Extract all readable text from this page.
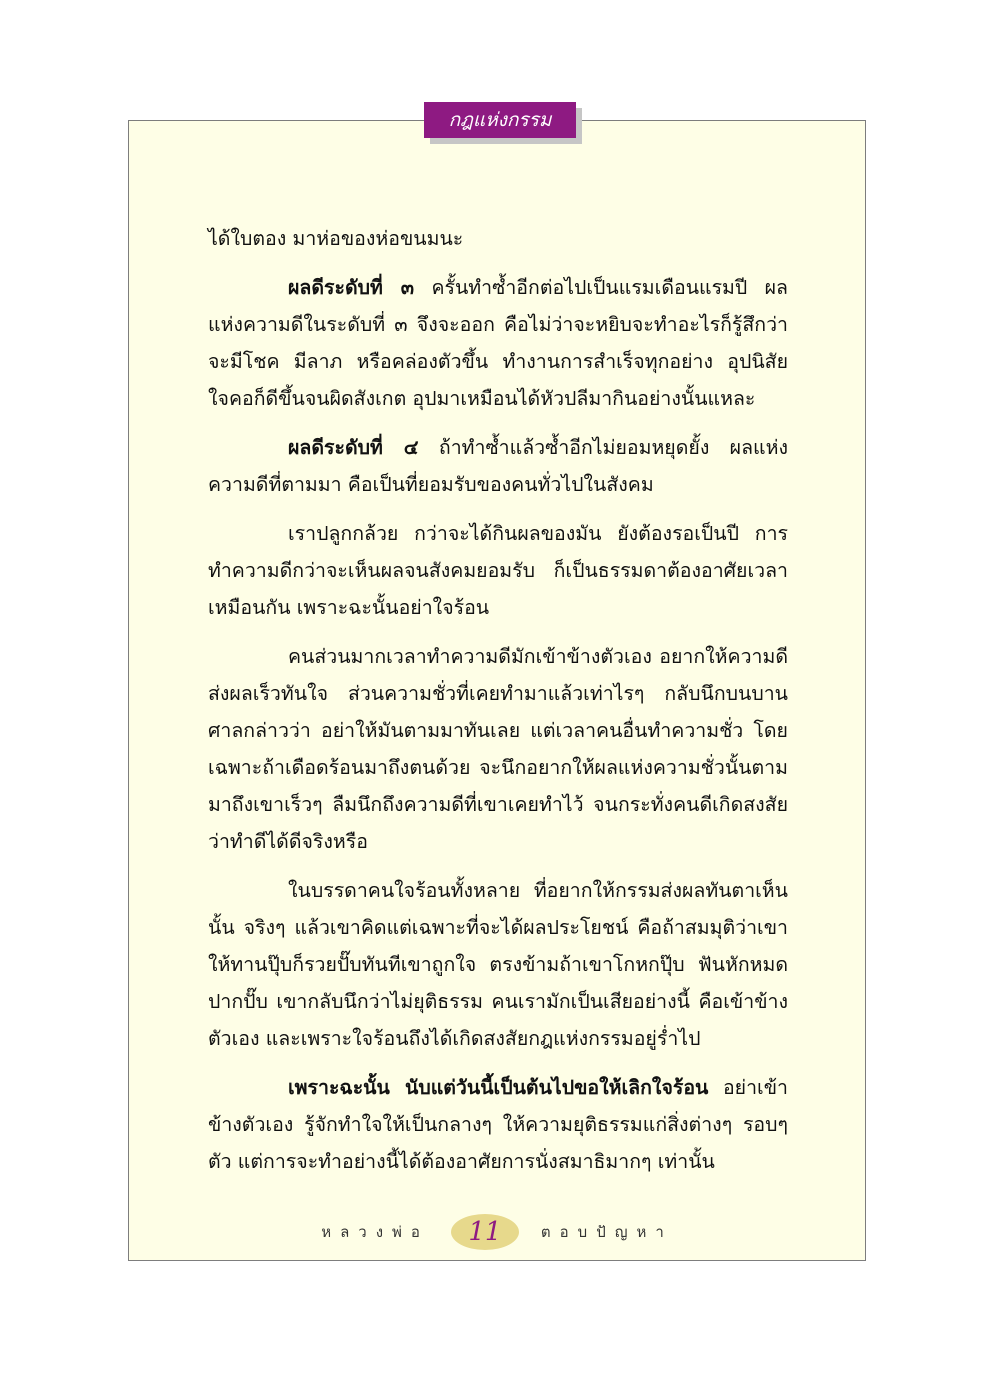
กฎแห่งกรรม

ได้ใบตอง มาห่อของห่อขนมนะ

ผลดีระดับที่ ๓ ครั้นทำซ้ำอีกต่อไปเป็นแรมเดือนแรมปี ผลแห่งความดีในระดับที่ ๓ จึงจะออก คือไม่ว่าจะหยิบจะทำอะไรก็รู้สึกว่าจะมีโชค มีลาภ หรือคล่องตัวขึ้น ทำงานการสำเร็จทุกอย่าง อุปนิสัยใจคอก็ดีขึ้นจนผิดสังเกต อุปมาเหมือนได้หัวปลีมากินอย่างนั้นแหละ

ผลดีระดับที่ ๔ ถ้าทำซ้ำแล้วซ้ำอีกไม่ยอมหยุดยั้ง ผลแห่งความดีที่ตามมา คือเป็นที่ยอมรับของคนทั่วไปในสังคม

เราปลูกกล้วย กว่าจะได้กินผลของมัน ยังต้องรอเป็นปี การทำความดีกว่าจะเห็นผลจนสังคมยอมรับ ก็เป็นธรรมดาต้องอาศัยเวลาเหมือนกัน เพราะฉะนั้นอย่าใจร้อน

คนส่วนมากเวลาทำความดีมักเข้าข้างตัวเอง อยากให้ความดีส่งผลเร็วทันใจ ส่วนความชั่วที่เคยทำมาแล้วเท่าไรๆ กลับนึกบนบานศาลกล่าวว่า อย่าให้มันตามมาทันเลย แต่เวลาคนอื่นทำความชั่ว โดยเฉพาะถ้าเดือดร้อนมาถึงตนด้วย จะนึกอยากให้ผลแห่งความชั่วนั้นตามมาถึงเขาเร็วๆ ลืมนึกถึงความดีที่เขาเคยทำไว้ จนกระทั่งคนดีเกิดสงสัยว่าทำดีได้ดีจริงหรือ

ในบรรดาคนใจร้อนทั้งหลาย ที่อยากให้กรรมส่งผลทันตาเห็นนั้น จริงๆ แล้วเขาคิดแต่เฉพาะที่จะได้ผลประโยชน์ คือถ้าสมมุติว่าเขาให้ทานปุ๊บก็รวยปั๊บทันทีเขาถูกใจ ตรงข้ามถ้าเขาโกหกปุ๊บ ฟันหักหมดปากปั๊บ เขากลับนึกว่าไม่ยุติธรรม คนเรามักเป็นเสียอย่างนี้ คือเข้าข้างตัวเอง และเพราะใจร้อนถึงได้เกิดสงสัยกฎแห่งกรรมอยู่ร่ำไป

เพราะฉะนั้น นับแต่วันนี้เป็นต้นไปขอให้เลิกใจร้อน อย่าเข้าข้างตัวเอง รู้จักทำใจให้เป็นกลางๆ ให้ความยุติธรรมแก่สิ่งต่างๆ รอบๆ ตัว แต่การจะทำอย่างนี้ได้ต้องอาศัยการนั่งสมาธิมากๆ เท่านั้น

หลวงพ่อ	11	ตอบปัญหา
